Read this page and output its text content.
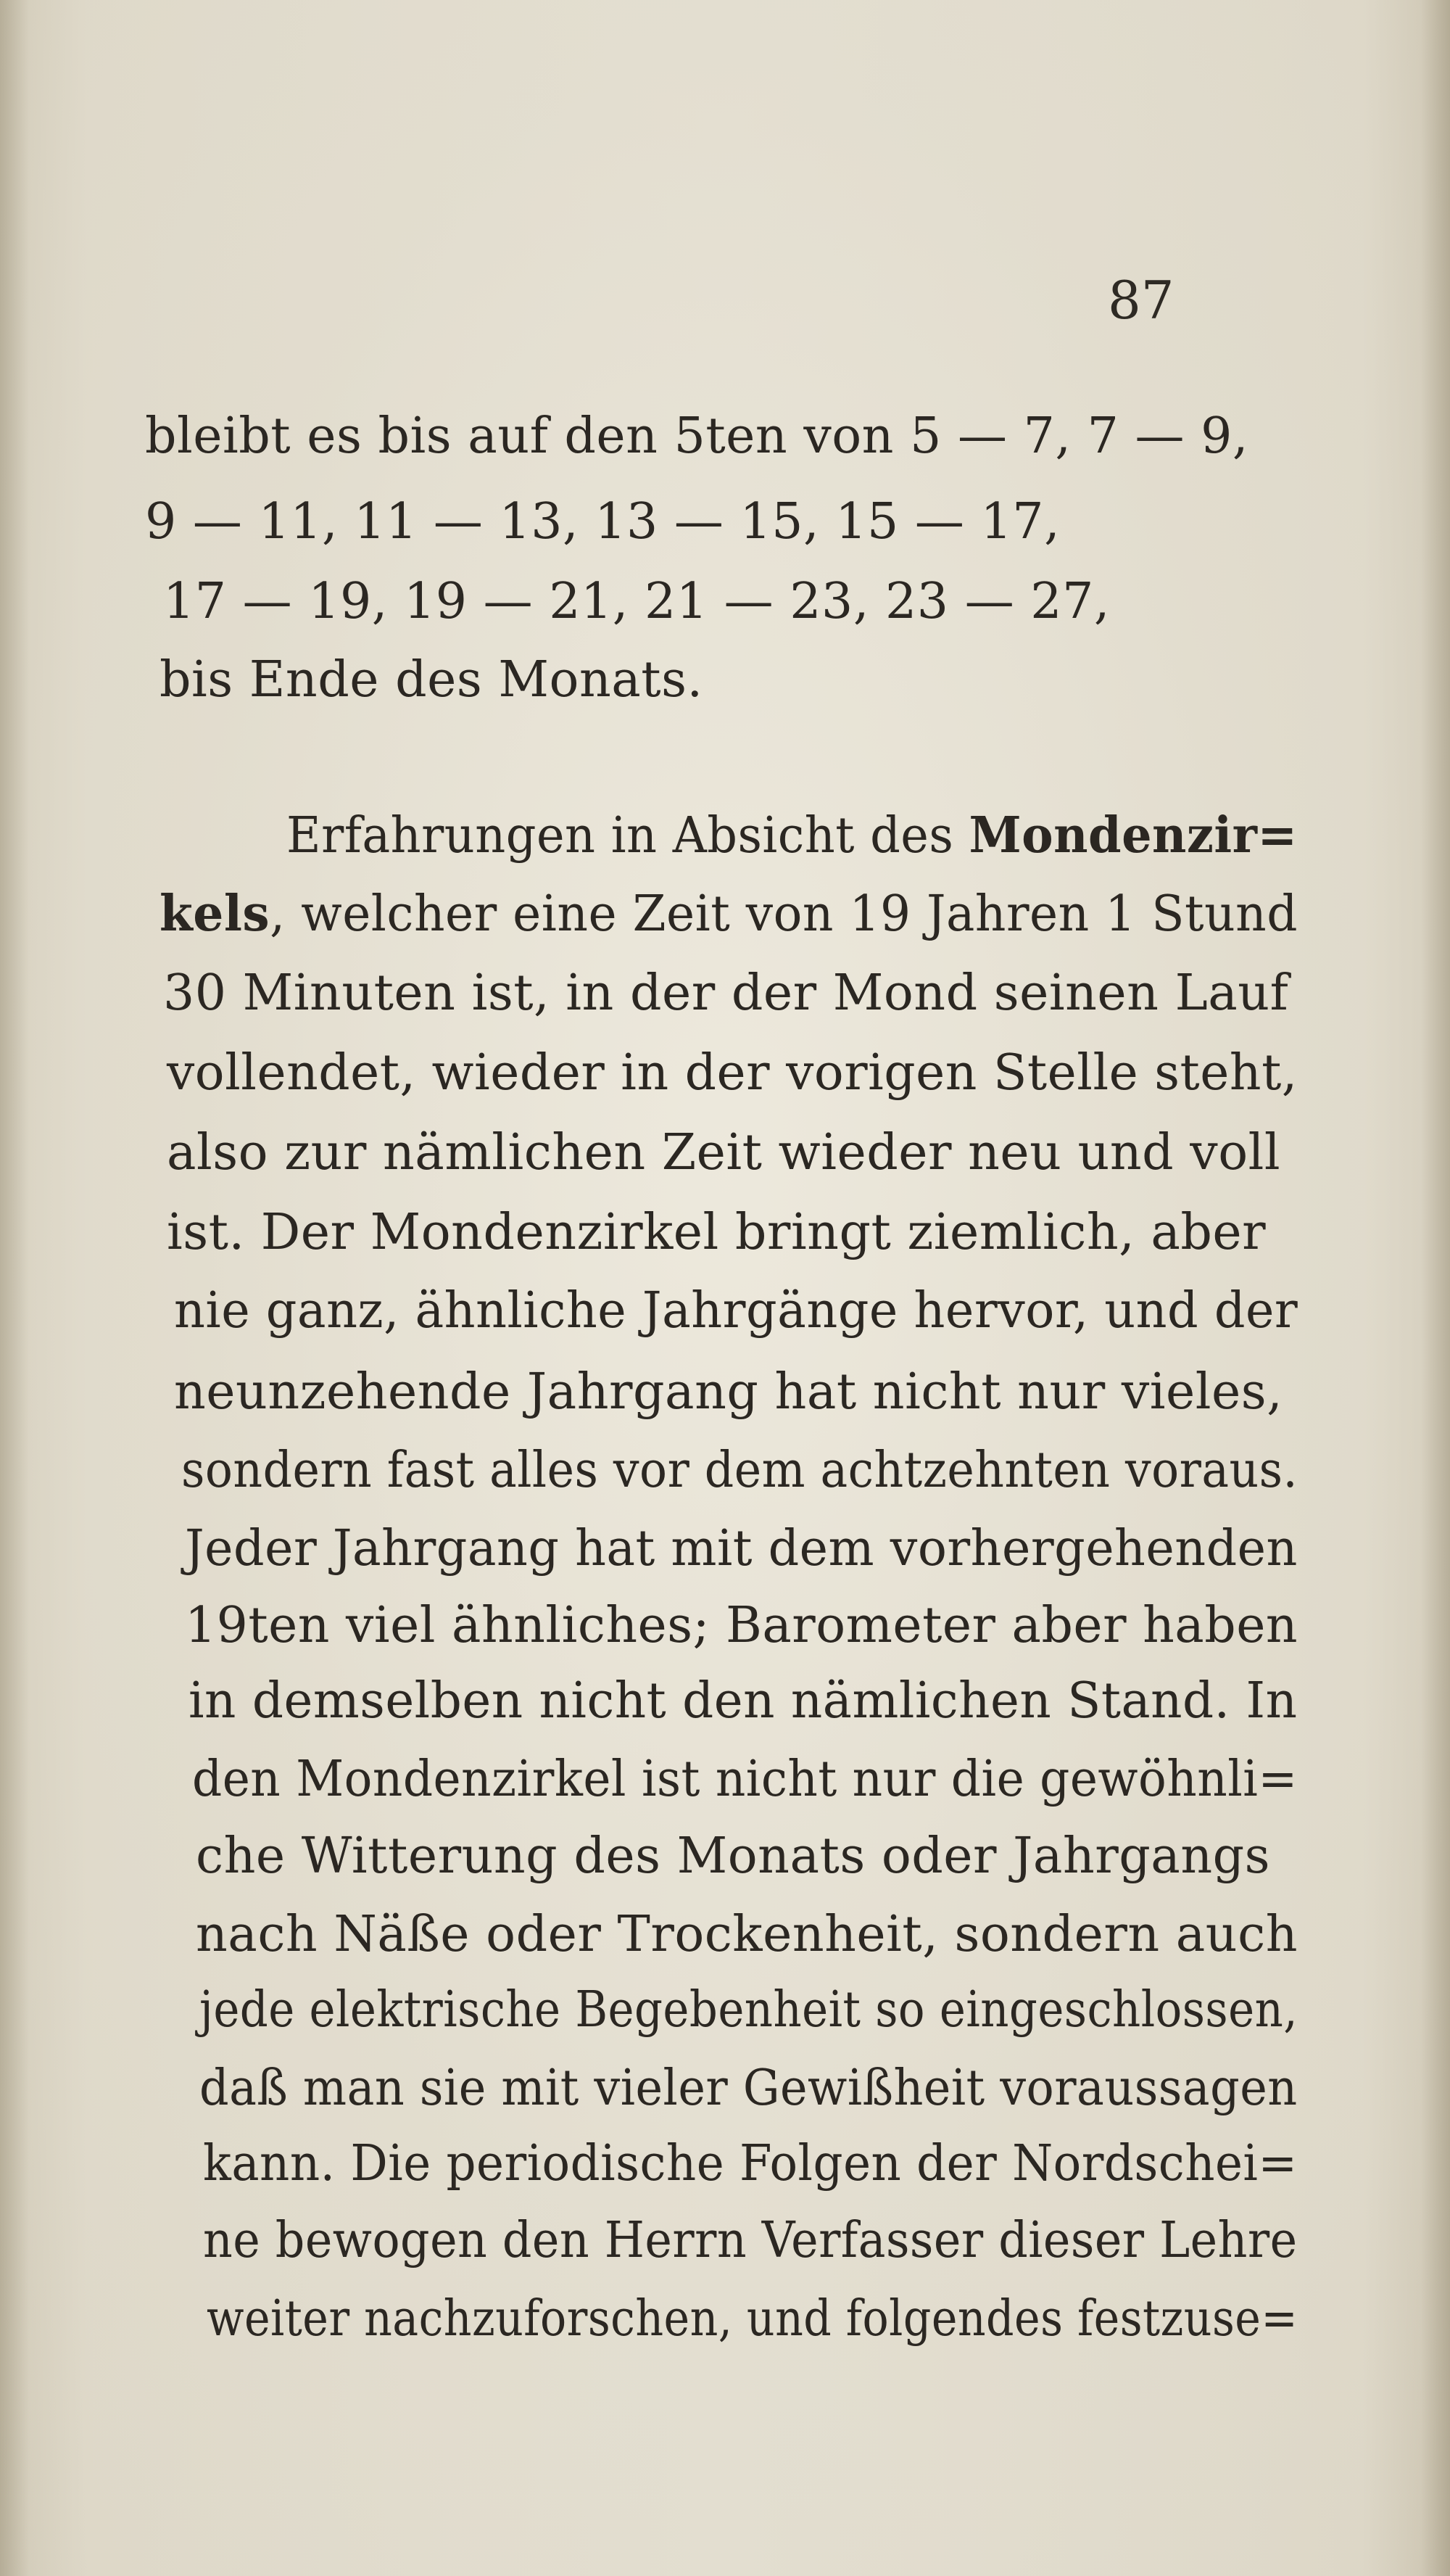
87
bleibt es bis auf den 5ten von 5 — 7, 7 — 9,
9 — 11, 11 — 13, 13 — 15, 15 — 17,
17 — 19, 19 — 21, 21 — 23, 23 — 27,
bis Ende des Monats.
Erfahrungen in Absicht des Mondenzir=
kels, welcher eine Zeit von 19 Jahren 1 Stund
30 Minuten ist, in der der Mond seinen Lauf
vollendet, wieder in der vorigen Stelle steht,
also zur nämlichen Zeit wieder neu und voll
ist. Der Mondenzirkel bringt ziemlich, aber
nie ganz, ähnliche Jahrgänge hervor, und der
neunzehende Jahrgang hat nicht nur vieles,
sondern fast alles vor dem achtzehnten voraus.
Jeder Jahrgang hat mit dem vorhergehenden
19ten viel ähnliches; Barometer aber haben
in demselben nicht den nämlichen Stand. In
den Mondenzirkel ist nicht nur die gewöhnli=
che Witterung des Monats oder Jahrgangs
nach Näße oder Trockenheit, sondern auch
jede elektrische Begebenheit so eingeschlossen,
daß man sie mit vieler Gewißheit voraussagen
kann. Die periodische Folgen der Nordschei=
ne bewogen den Herrn Verfasser dieser Lehre
weiter nachzuforschen, und folgendes festzuse=
